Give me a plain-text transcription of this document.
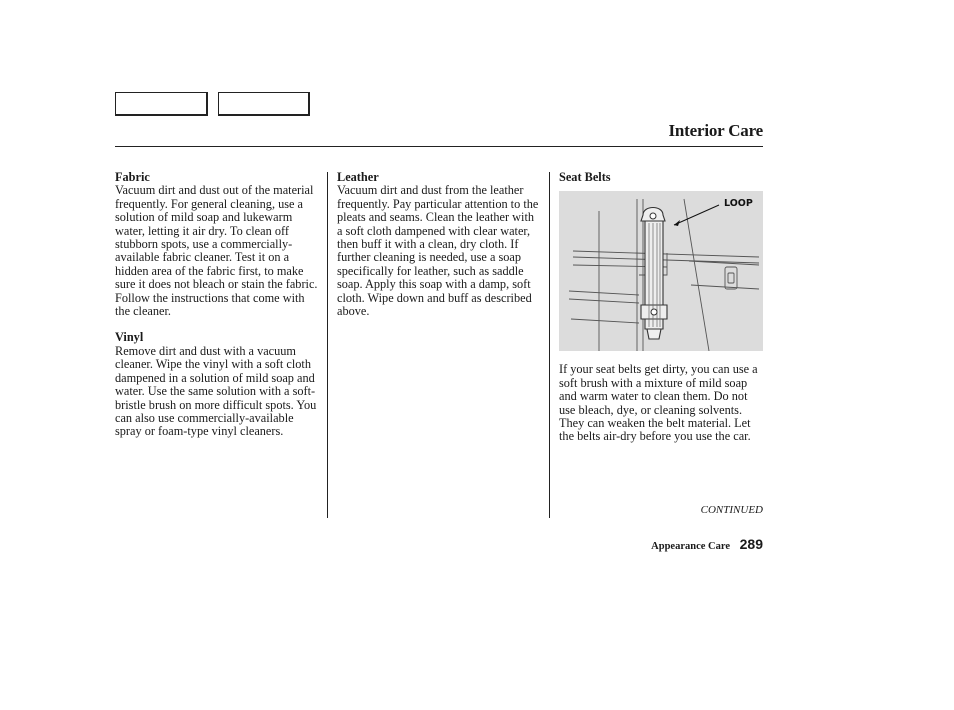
Interior Care
Fabric

Vacuum dirt and dust out of the material frequently. For general cleaning, use a solution of mild soap and lukewarm water, letting it air dry. To clean off stubborn spots, use a commercially-available fabric cleaner. Test it on a hidden area of the fabric first, to make sure it does not bleach or stain the fabric. Follow the instructions that come with the cleaner.

Vinyl

Remove dirt and dust with a vacuum cleaner. Wipe the vinyl with a soft cloth dampened in a solution of mild soap and water. Use the same solution with a soft-bristle brush on more difficult spots. You can also use commercially-available spray or foam-type vinyl cleaners.

Leather

Vacuum dirt and dust from the leather frequently. Pay particular attention to the pleats and seams. Clean the leather with a soft cloth dampened with clear water, then buff it with a clean, dry cloth. If further cleaning is needed, use a soap specifically for leather, such as saddle soap. Apply this soap with a damp, soft cloth. Wipe down and buff as described above.

Seat Belts
LOOP

If your seat belts get dirty, you can use a soft brush with a mixture of mild soap and warm water to clean them. Do not use bleach, dye, or cleaning solvents. They can weaken the belt material. Let the belts air-dry before you use the car.

CONTINUED
Appearance Care 289
